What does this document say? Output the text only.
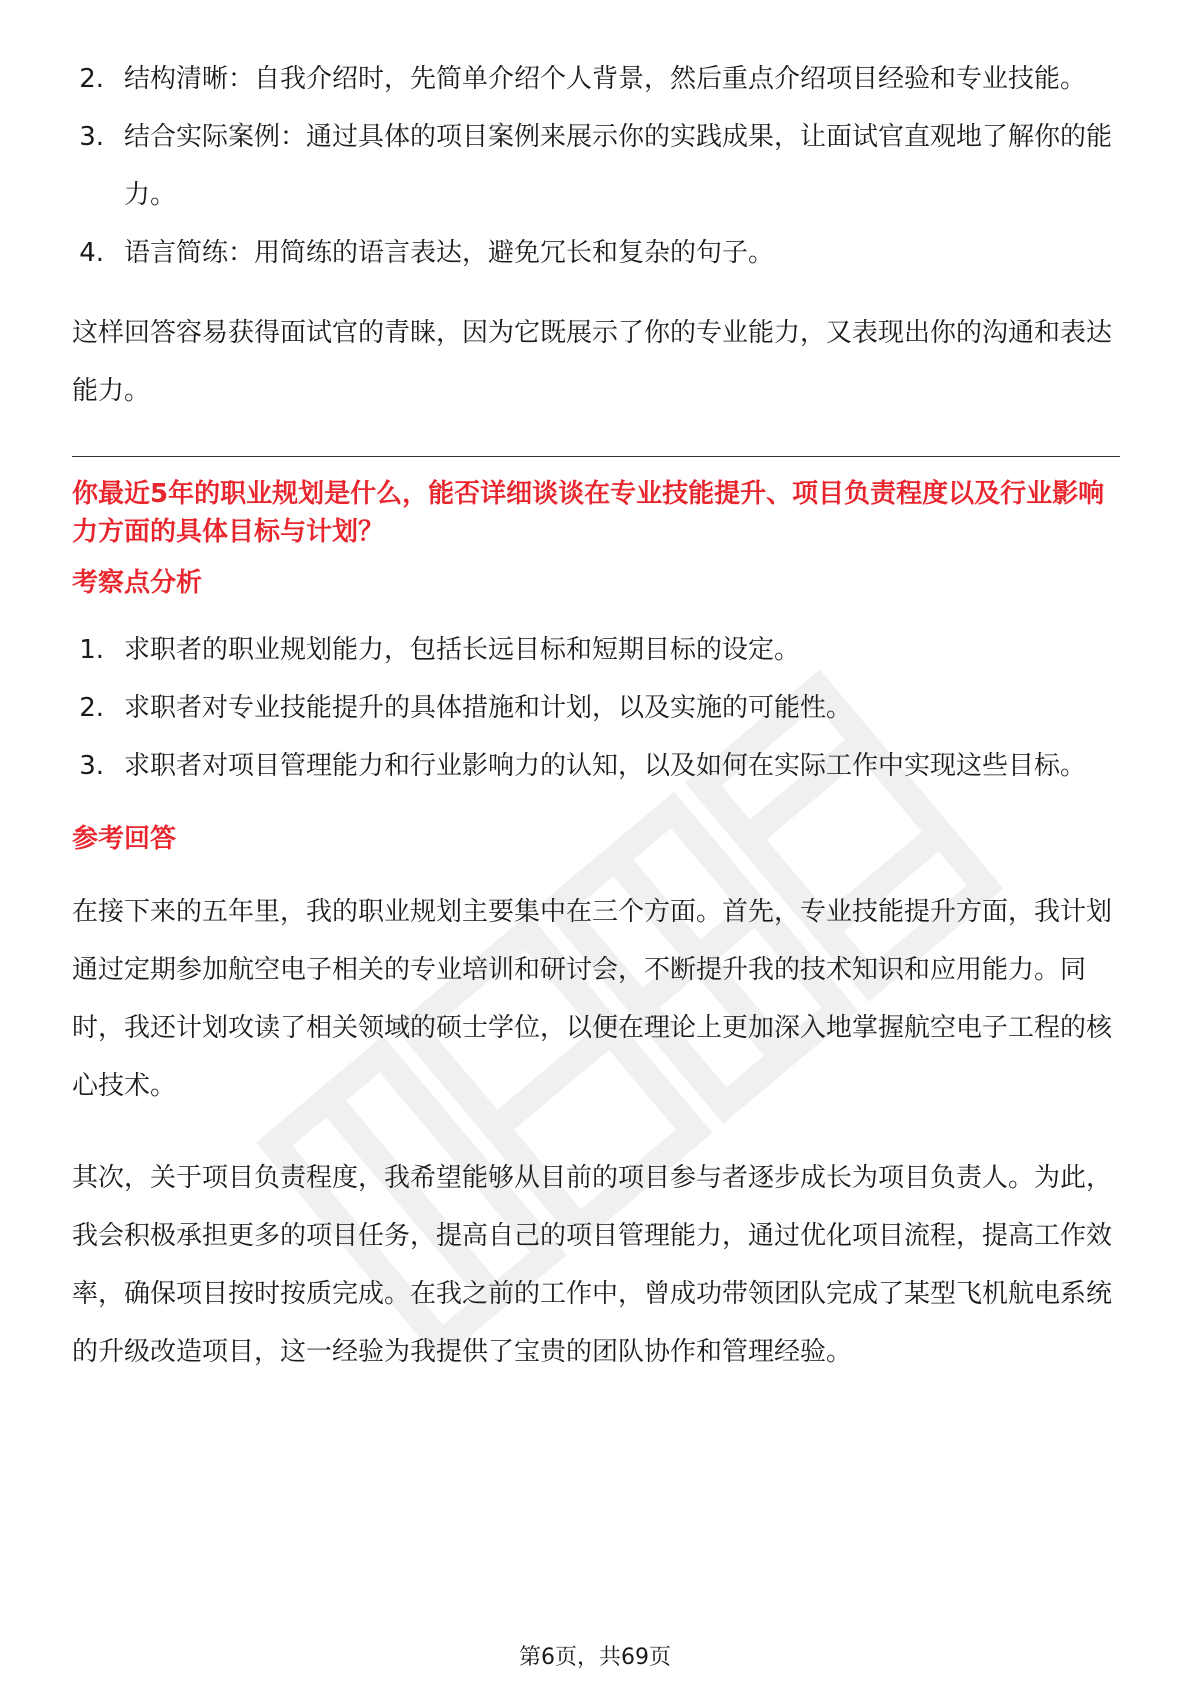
2. 结构清晰：自我介绍时，先简单介绍个人背景，然后重点介绍项目经验和专业技能。
3. 结合实际案例：通过具体的项目案例来展示你的实践成果，让面试官直观地了解你的能力。
4. 语言简练：用简练的语言表达，避免冗长和复杂的句子。

这样回答容易获得面试官的青睐，因为它既展示了你的专业能力，又表现出你的沟通和表达能力。

你最近5年的职业规划是什么，能否详细谈谈在专业技能提升、项目负责程度以及行业影响力方面的具体目标与计划？

考察点分析

1. 求职者的职业规划能力，包括长远目标和短期目标的设定。
2. 求职者对专业技能提升的具体措施和计划，以及实施的可能性。
3. 求职者对项目管理能力和行业影响力的认知，以及如何在实际工作中实现这些目标。

参考回答

在接下来的五年里，我的职业规划主要集中在三个方面。首先，专业技能提升方面，我计划通过定期参加航空电子相关的专业培训和研讨会，不断提升我的技术知识和应用能力。同时，我还计划攻读了相关领域的硕士学位，以便在理论上更加深入地掌握航空电子工程的核心技术。

其次，关于项目负责程度，我希望能够从目前的项目参与者逐步成长为项目负责人。为此，我会积极承担更多的项目任务，提高自己的项目管理能力，通过优化项目流程，提高工作效率，确保项目按时按质完成。在我之前的工作中，曾成功带领团队完成了某型飞机航电系统的升级改造项目，这一经验为我提供了宝贵的团队协作和管理经验。

第6页，共69页
